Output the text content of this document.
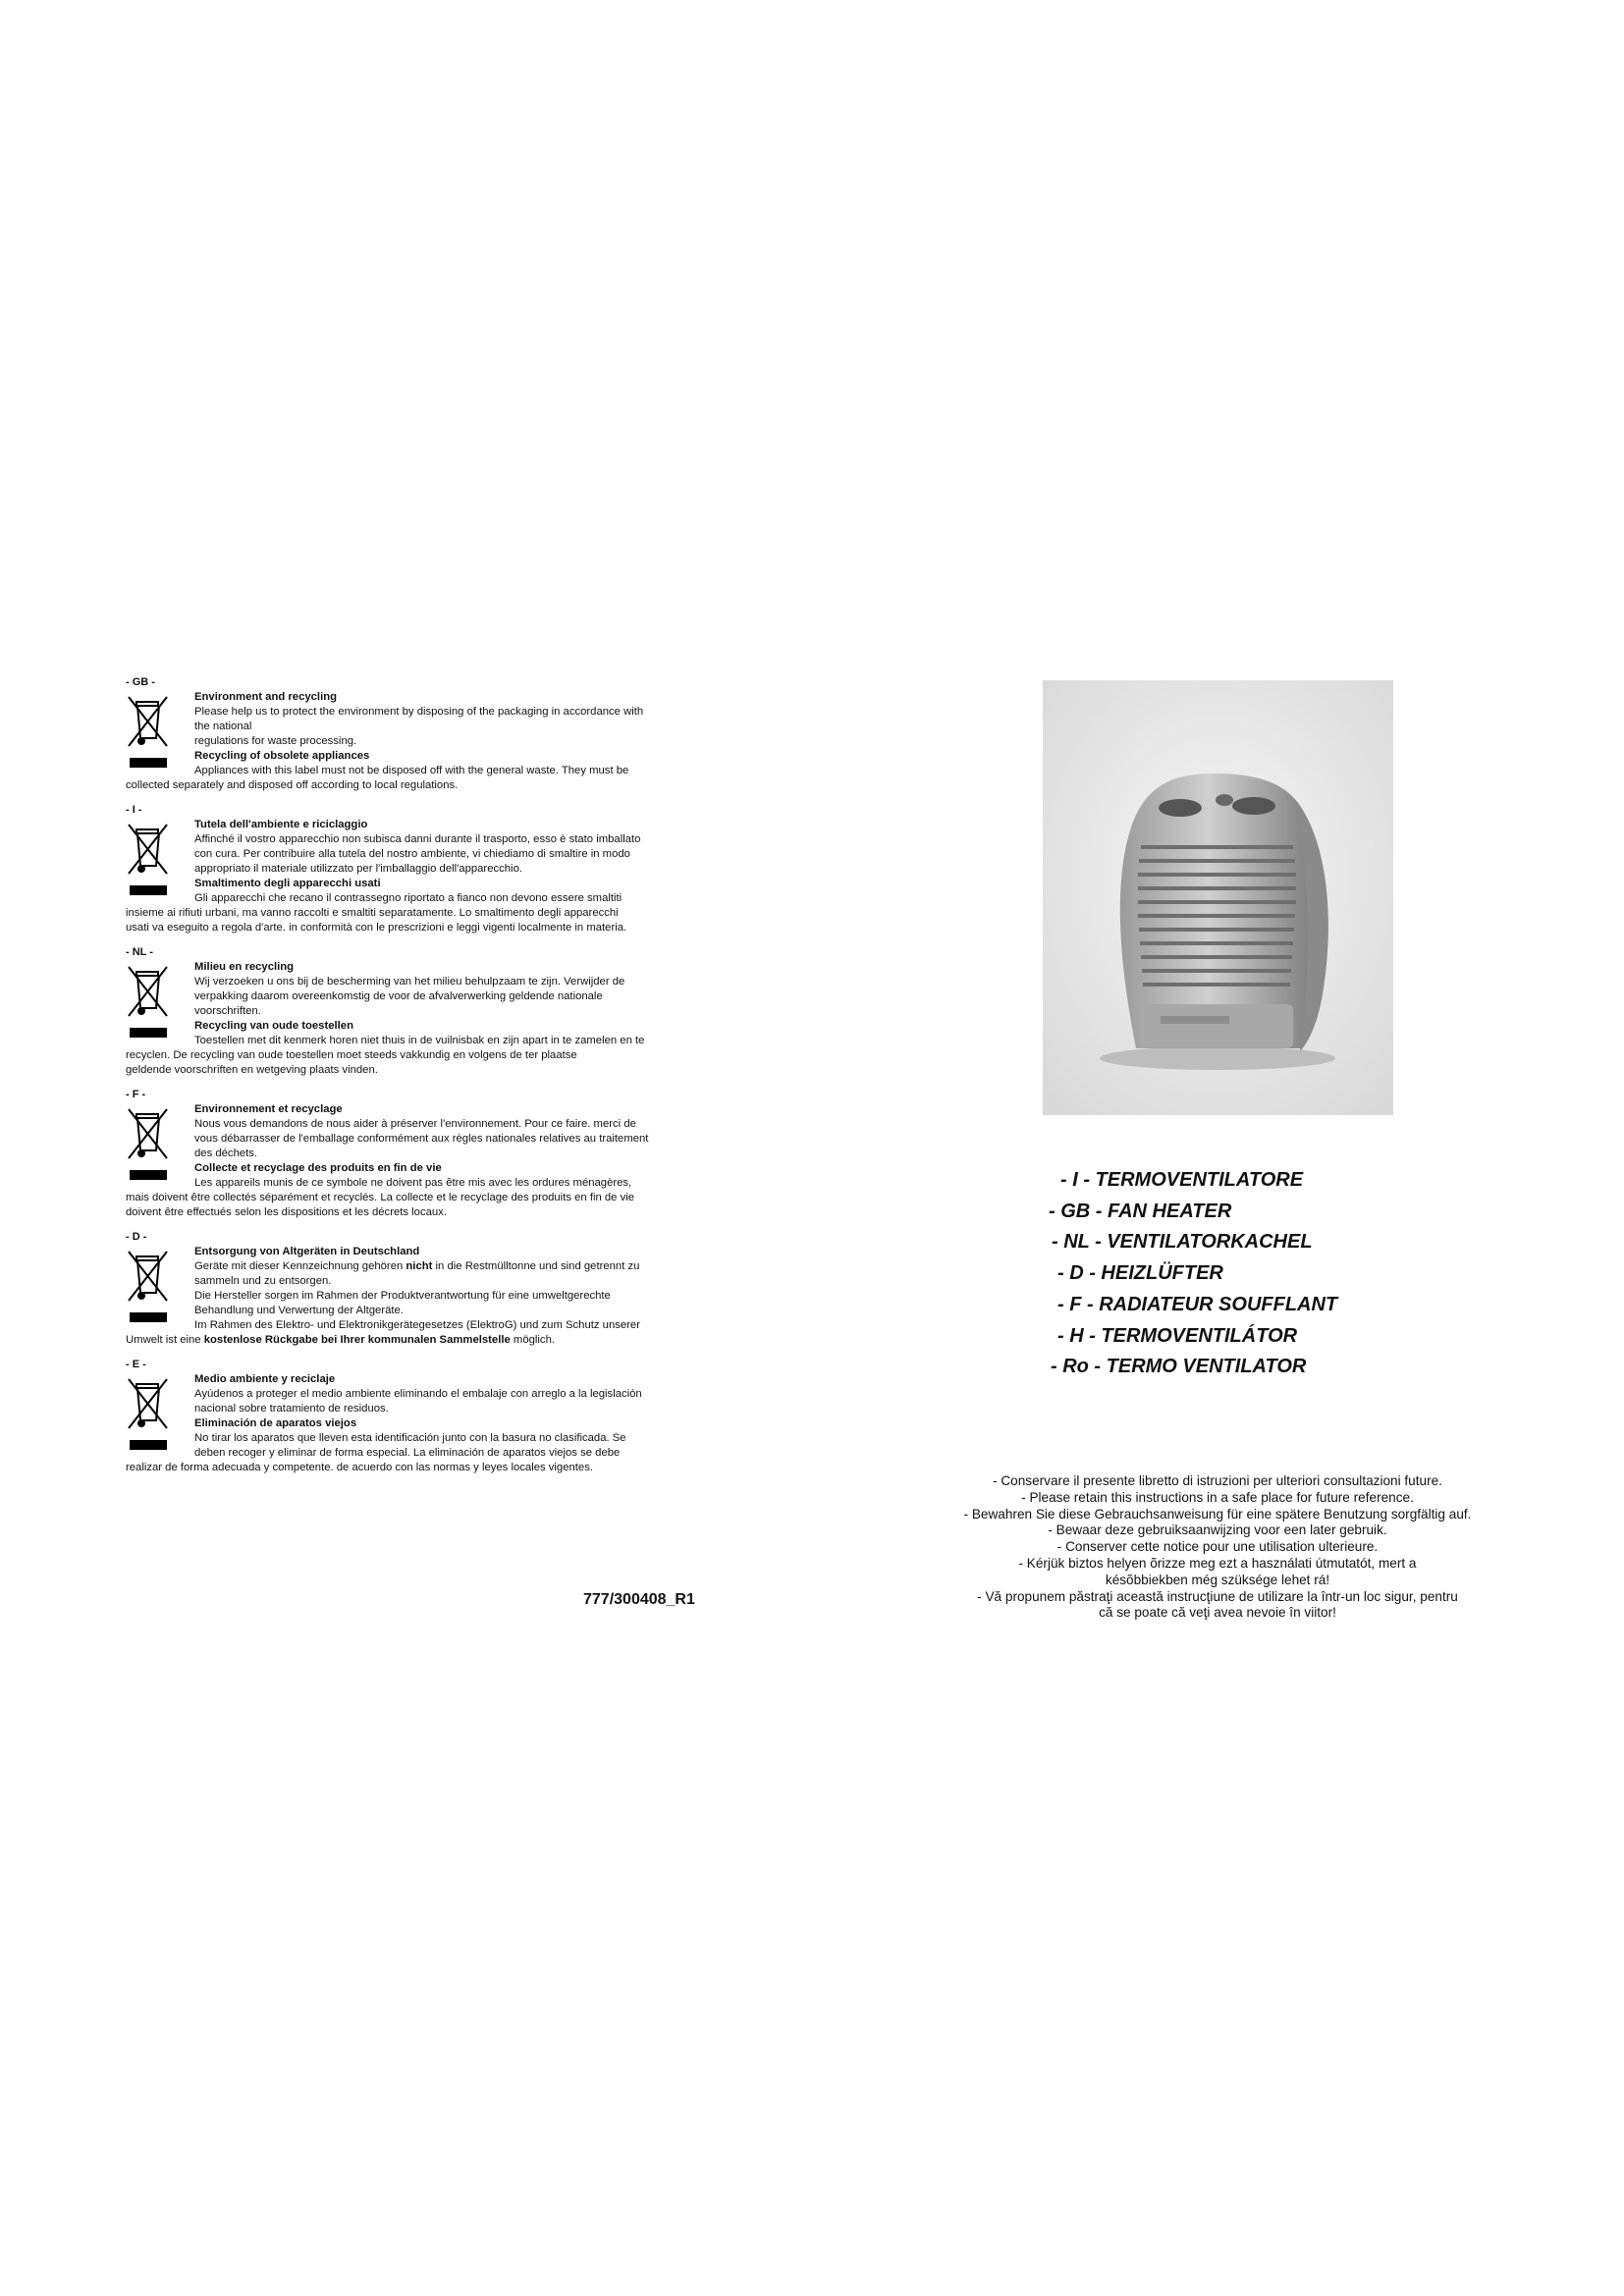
- GB -
Environment and recycling
Please help us to protect the environment by disposing of the packaging in accordance with
the national
regulations for waste processing.
Recycling of obsolete appliances
Appliances with this label must not be disposed off with the general waste. They must be
collected separately and disposed off according to local regulations.
- I -
Tutela dell'ambiente e riciclaggio
Affinché il vostro apparecchio non subisca danni durante il trasporto, esso è stato imballato
con cura. Per contribuire alla tutela del nostro ambiente, vi chiediamo di smaltire in modo
appropriato il materiale utilizzato per l'imballaggio dell'apparecchio.
Smaltimento degli apparecchi usati
Gli apparecchi che recano il contrassegno riportato a fianco non devono essere smaltiti
insieme ai rifiuti urbani, ma vanno raccolti e smaltiti separatamente. Lo smaltimento degli apparecchi
usati va eseguito a regola d'arte. in conformità con le prescrizioni e leggi vigenti localmente in materia.
- NL -
Milieu en recycling
Wij verzoeken u ons bij de bescherming van het milieu behulpzaam te zijn. Verwijder de
verpakking daarom overeenkomstig de voor de afvalverwerking geldende nationale
voorschriften.
Recycling van oude toestellen
Toestellen met dit kenmerk horen niet thuis in de vuilnisbak en zijn apart in te zamelen en te
recyclen. De recycling van oude toestellen moet steeds vakkundig en volgens de ter plaatse
geldende voorschriften en wetgeving plaats vinden.
- F -
Environnement et recyclage
Nous vous demandons de nous aider à préserver l'environnement. Pour ce faire. merci de
vous débarrasser de l'emballage conformément aux règles nationales relatives au traitement
des déchets.
Collecte et recyclage des produits en fin de vie
Les appareils munis de ce symbole ne doivent pas être mis avec les ordures ménagères,
mais doivent être collectés séparément et recyclés. La collecte et le recyclage des produits en fin de vie
doivent être effectués selon les dispositions et les décrets locaux.
- D -
Entsorgung von Altgeräten in Deutschland
Geräte mit dieser Kennzeichnung gehören nicht in die Restmülltonne und sind getrennt zu
sammeln und zu entsorgen.
Die Hersteller sorgen im Rahmen der Produktverantwortung für eine umweltgerechte
Behandlung und Verwertung der Altgeräte.
Im Rahmen des Elektro- und Elektronikgerätegesetzes (ElektroG) und zum Schutz unserer
Umwelt ist eine kostenlose Rückgabe bei Ihrer kommunalen Sammelstelle möglich.
- E -
Medio ambiente y reciclaje
Ayúdenos a proteger el medio ambiente eliminando el embalaje con arreglo a la legislación
nacional sobre tratamiento de residuos.
Eliminación de aparatos viejos
No tirar los aparatos que lleven esta identificación junto con la basura no clasificada. Se
deben recoger y eliminar de forma especial. La eliminación de aparatos viejos se debe
realizar de forma adecuada y competente. de acuerdo con las normas y leyes locales vigentes.
777/300408_R1
- I - TERMOVENTILATORE
- GB - FAN HEATER
- NL - VENTILATORKACHEL
- D - HEIZLÜFTER
- F - RADIATEUR SOUFFLANT
- H - TERMOVENTILÁTOR
- Ro - TERMO VENTILATOR
- Conservare il presente libretto di istruzioni per ulteriori consultazioni future.
- Please retain this instructions in a safe place for future reference.
- Bewahren Sie diese Gebrauchsanweisung für eine spätere Benutzung sorgfältig auf.
- Bewaar deze gebruiksaanwijzing voor een later gebruik.
- Conserver cette notice pour une utilisation ulterieure.
- Kérjük biztos helyen õrizze meg ezt a használati útmutatót, mert a
késõbbiekben még szüksége lehet rá!
- Vă propunem păstraţi această instrucţiune de utilizare la într-un loc sigur, pentru
că se poate că veţi avea nevoie în viitor!
